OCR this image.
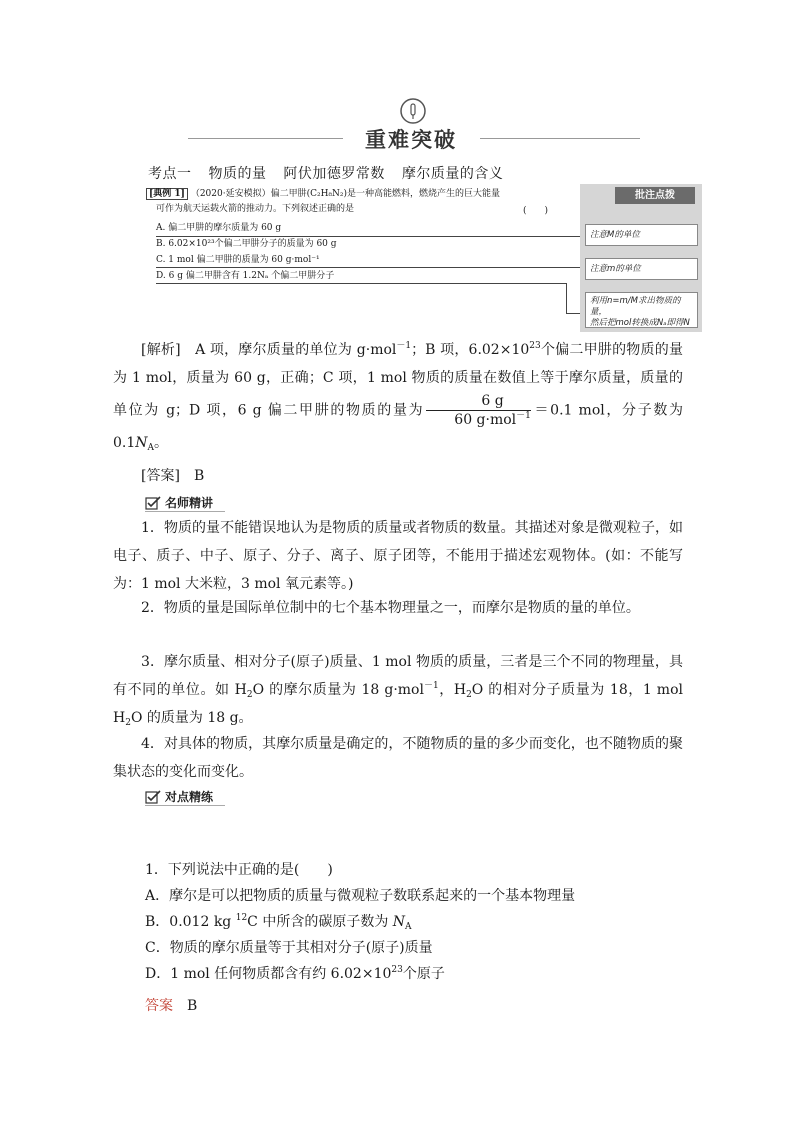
重难突破
考点一 物质的量 阿伏加德罗常数 摩尔质量的含义
[典例 1] （2020·延安模拟）偏二甲肼(C₂H₈N₂)是一种高能燃料，燃烧产生的巨大能量
可作为航天运载火箭的推动力。下列叙述正确的是	(　　)
A. 偏二甲肼的摩尔质量为 60 g
B. 6.02×10²³个偏二甲肼分子的质量为 60 g
C. 1 mol 偏二甲肼的质量为 60 g·mol⁻¹
D. 6 g 偏二甲肼含有 1.2Nₐ 个偏二甲肼分子
批注点拨
注意M的单位
注意m的单位
利用n=m/M求出物质的量，
然后把mol转换成Nₐ即得N
[解析]　 A 项，摩尔质量的单位为 g·mol$^{-1}$；B 项，$6.02\times 10^{23}$个偏二甲肼的物质的量为 1 mol，质量为 60 g，正确；C 项，1 mol 物质的质量在数值上等于摩尔质量，质量的单位为 g；D 项，6 g 偏二甲肼的物质的量为 $\frac{6 g}{60 g\cdot mol^{-1}} =0.1$ mol，分子数为 $0.1N_A$。
[答案]　 B
名师精讲
1．物质的量不能错误地认为是物质的质量或者物质的数量。其描述对象是微观粒子，如电子、质子、中子、原子、分子、离子、原子团等，不能用于描述宏观物体。(如：不能写为：1 mol 大米粒，3 mol 氧元素等。)
2．物质的量是国际单位制中的七个基本物理量之一，而摩尔是物质的量的单位。
3．摩尔质量、相对分子(原子)质量、1 mol 物质的质量，三者是三个不同的物理量，具有不同的单位。如 $H_2O$ 的摩尔质量为 18 g·mol$^{-1}$，$H_2O$ 的相对分子质量为 18，1 mol $H_2O$ 的质量为 18 g。
4．对具体的物质，其摩尔质量是确定的，不随物质的量的多少而变化，也不随物质的聚集状态的变化而变化。
对点精练
1．下列说法中正确的是(　　)
A．摩尔是可以把物质的质量与微观粒子数联系起来的一个基本物理量
B．0.012 kg $^{12}$C 中所含的碳原子数为 $N_A$
C．物质的摩尔质量等于其相对分子(原子)质量
D．1 mol 任何物质都含有约 $6.02\times 10^{23}$个原子
答案　 B
